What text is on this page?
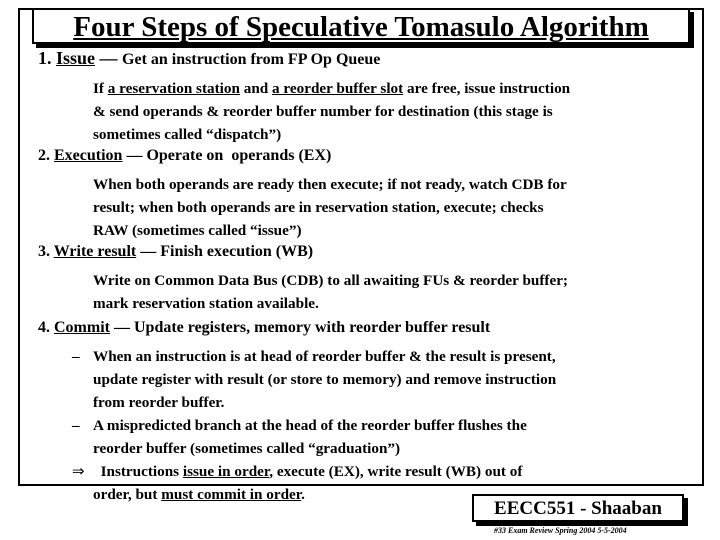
Four Steps of Speculative Tomasulo Algorithm
1. Issue — Get an instruction from FP Op Queue
If a reservation station and a reorder buffer slot are free, issue instruction
& send operands & reorder buffer number for destination (this stage is
sometimes called “dispatch”)
2. Execution — Operate on  operands (EX)
When both operands are ready then execute; if not ready, watch CDB for
result; when both operands are in reservation station, execute; checks
RAW (sometimes called “issue”)
3. Write result — Finish execution (WB)
Write on Common Data Bus (CDB) to all awaiting FUs & reorder buffer;
mark reservation station available.
4. Commit — Update registers, memory with reorder buffer result
– When an instruction is at head of reorder buffer & the result is present,
update register with result (or store to memory) and remove instruction
from reorder buffer.
– A mispredicted branch at the head of the reorder buffer flushes the
reorder buffer (sometimes called “graduation”)
⇒  Instructions issue in order, execute (EX), write result (WB) out of
order, but must commit in order.
EECC551 - Shaaban
#33 Exam Review Spring 2004 5-5-2004
